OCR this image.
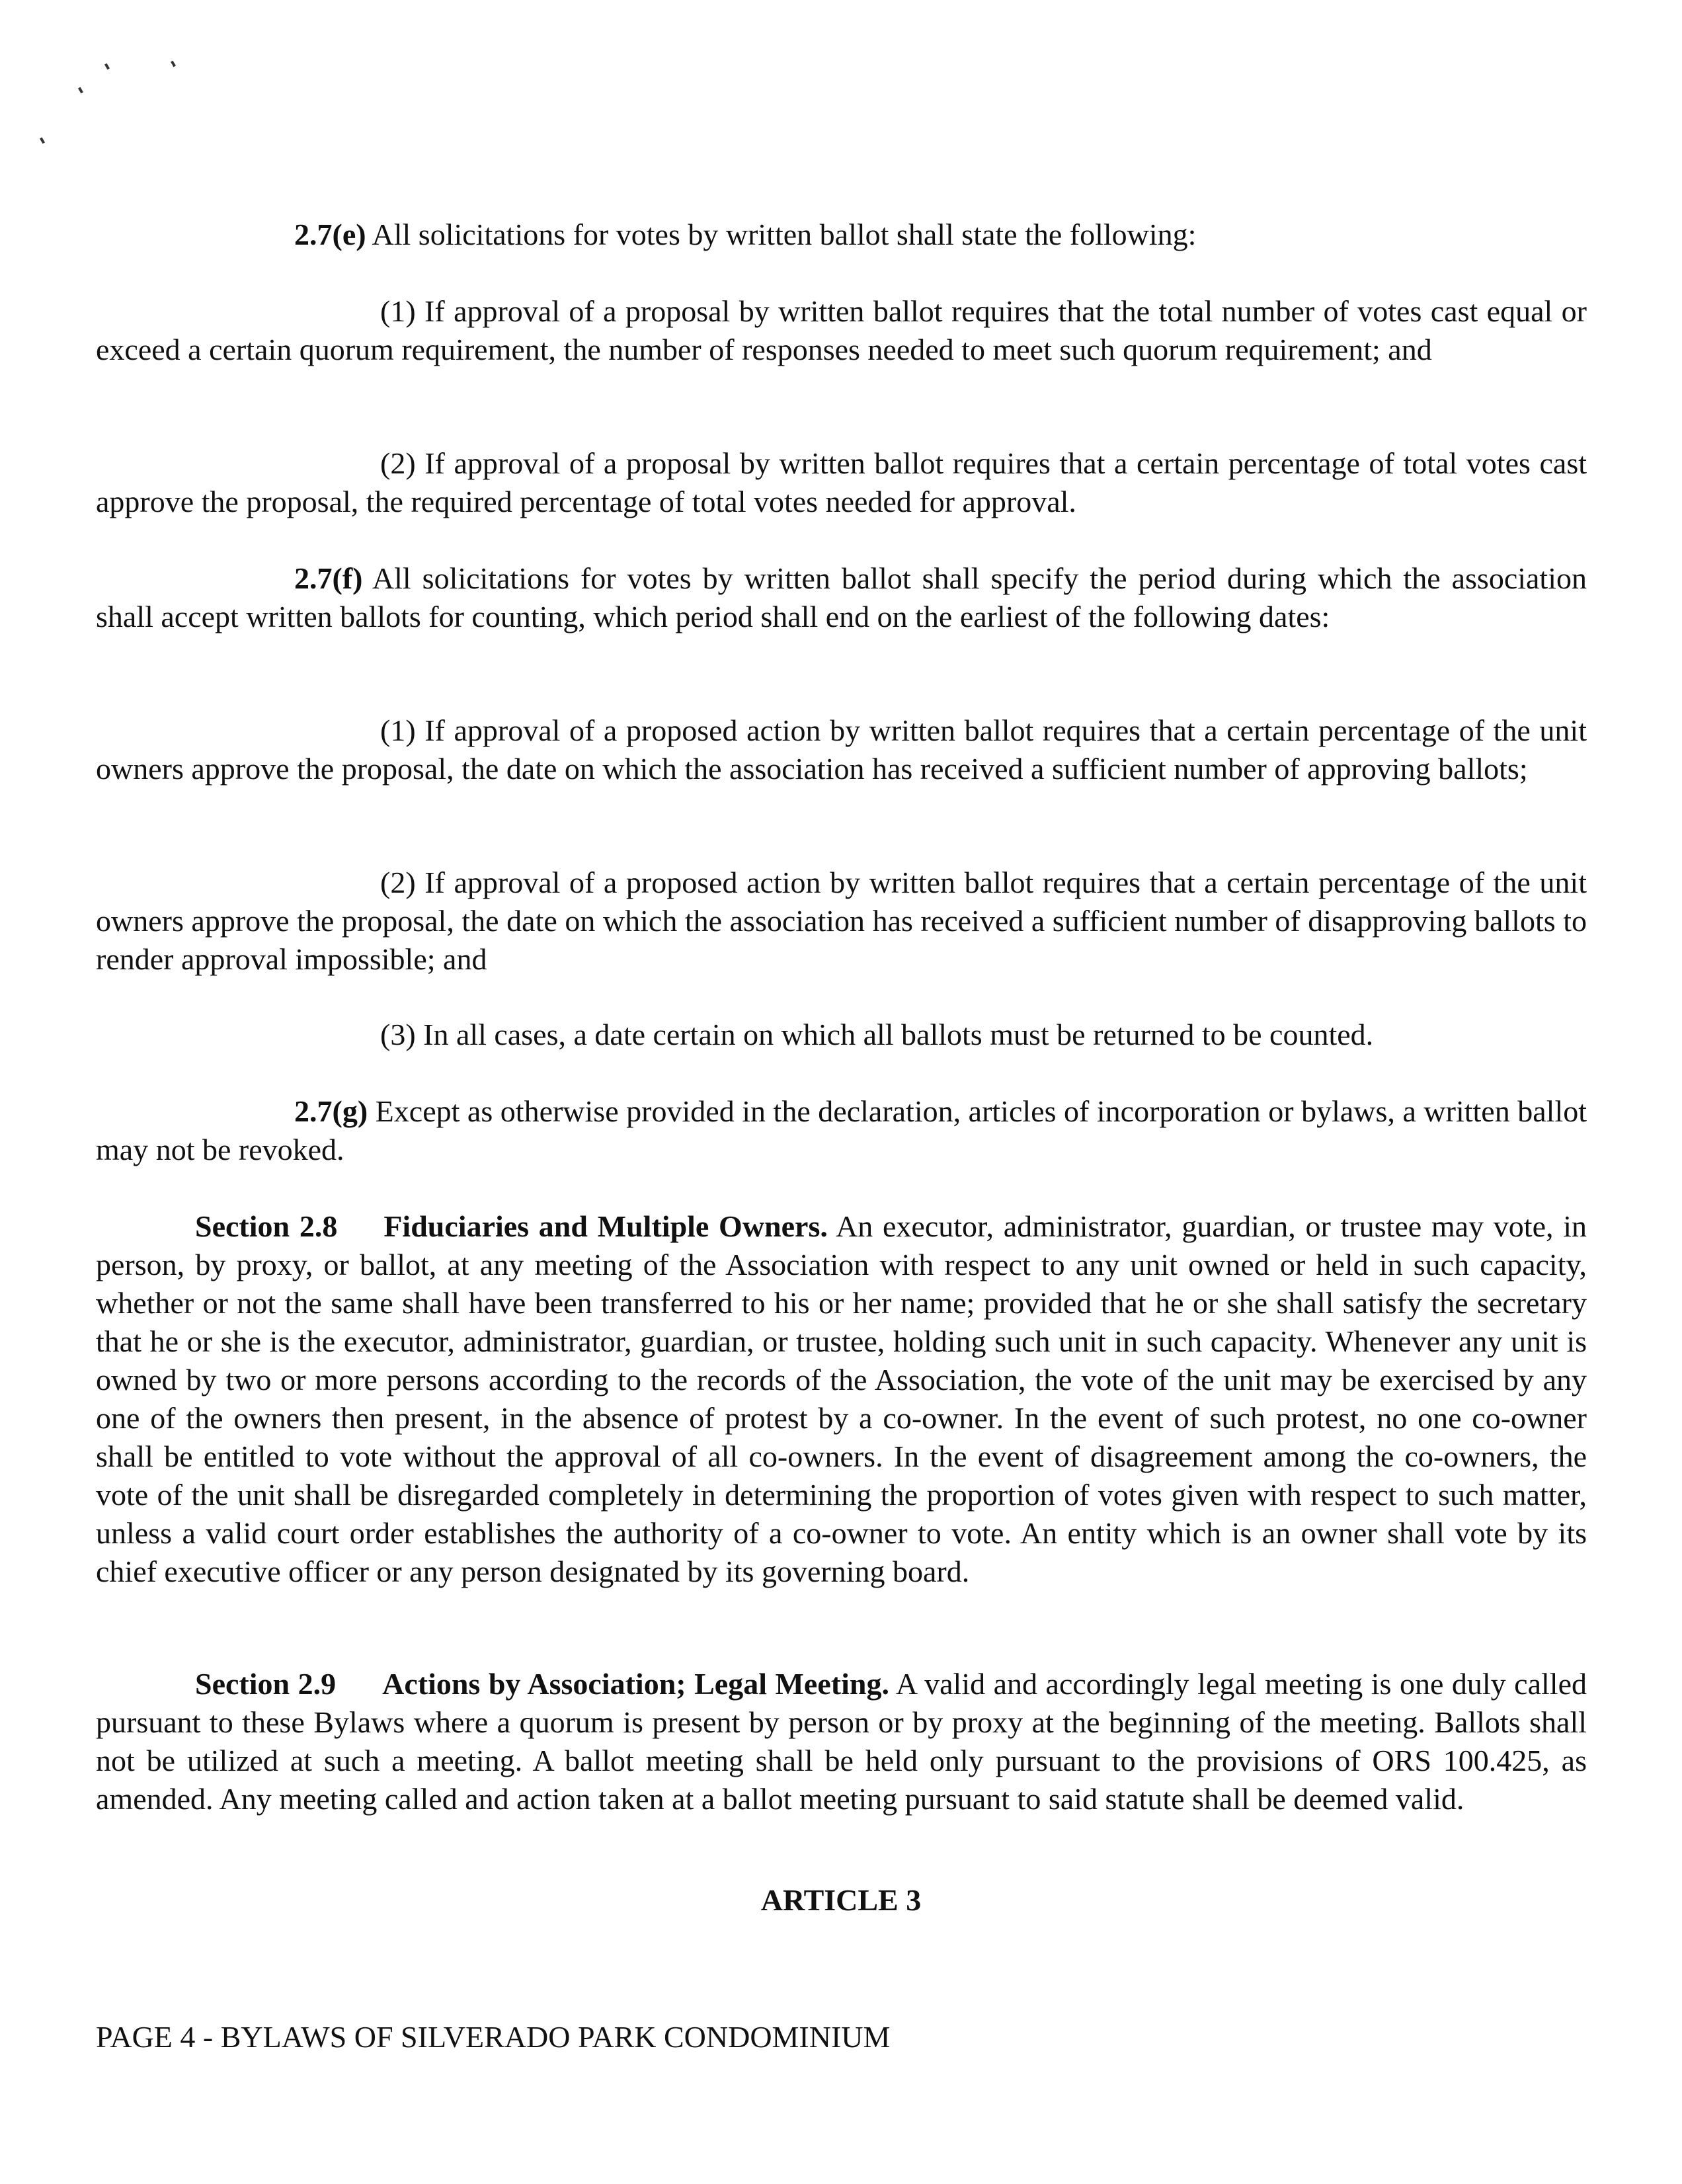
2.7(e) All solicitations for votes by written ballot shall state the following:

(1) If approval of a proposal by written ballot requires that the total number of votes cast equal or exceed a certain quorum requirement, the number of responses needed to meet such quorum requirement; and

(2) If approval of a proposal by written ballot requires that a certain percentage of total votes cast approve the proposal, the required percentage of total votes needed for approval.

2.7(f) All solicitations for votes by written ballot shall specify the period during which the association shall accept written ballots for counting, which period shall end on the earliest of the following dates:

(1) If approval of a proposed action by written ballot requires that a certain percentage of the unit owners approve the proposal, the date on which the association has received a sufficient number of approving ballots;

(2) If approval of a proposed action by written ballot requires that a certain percentage of the unit owners approve the proposal, the date on which the association has received a sufficient number of disapproving ballots to render approval impossible; and

(3) In all cases, a date certain on which all ballots must be returned to be counted.

2.7(g) Except as otherwise provided in the declaration, articles of incorporation or bylaws, a written ballot may not be revoked.

Section 2.8 Fiduciaries and Multiple Owners. An executor, administrator, guardian, or trustee may vote, in person, by proxy, or ballot, at any meeting of the Association with respect to any unit owned or held in such capacity, whether or not the same shall have been transferred to his or her name; provided that he or she shall satisfy the secretary that he or she is the executor, administrator, guardian, or trustee, holding such unit in such capacity. Whenever any unit is owned by two or more persons according to the records of the Association, the vote of the unit may be exercised by any one of the owners then present, in the absence of protest by a co-owner. In the event of such protest, no one co-owner shall be entitled to vote without the approval of all co-owners. In the event of disagreement among the co-owners, the vote of the unit shall be disregarded completely in determining the proportion of votes given with respect to such matter, unless a valid court order establishes the authority of a co-owner to vote. An entity which is an owner shall vote by its chief executive officer or any person designated by its governing board.

Section 2.9 Actions by Association; Legal Meeting. A valid and accordingly legal meeting is one duly called pursuant to these Bylaws where a quorum is present by person or by proxy at the beginning of the meeting. Ballots shall not be utilized at such a meeting. A ballot meeting shall be held only pursuant to the provisions of ORS 100.425, as amended. Any meeting called and action taken at a ballot meeting pursuant to said statute shall be deemed valid.

ARTICLE 3
PAGE 4 - BYLAWS OF SILVERADO PARK CONDOMINIUM
